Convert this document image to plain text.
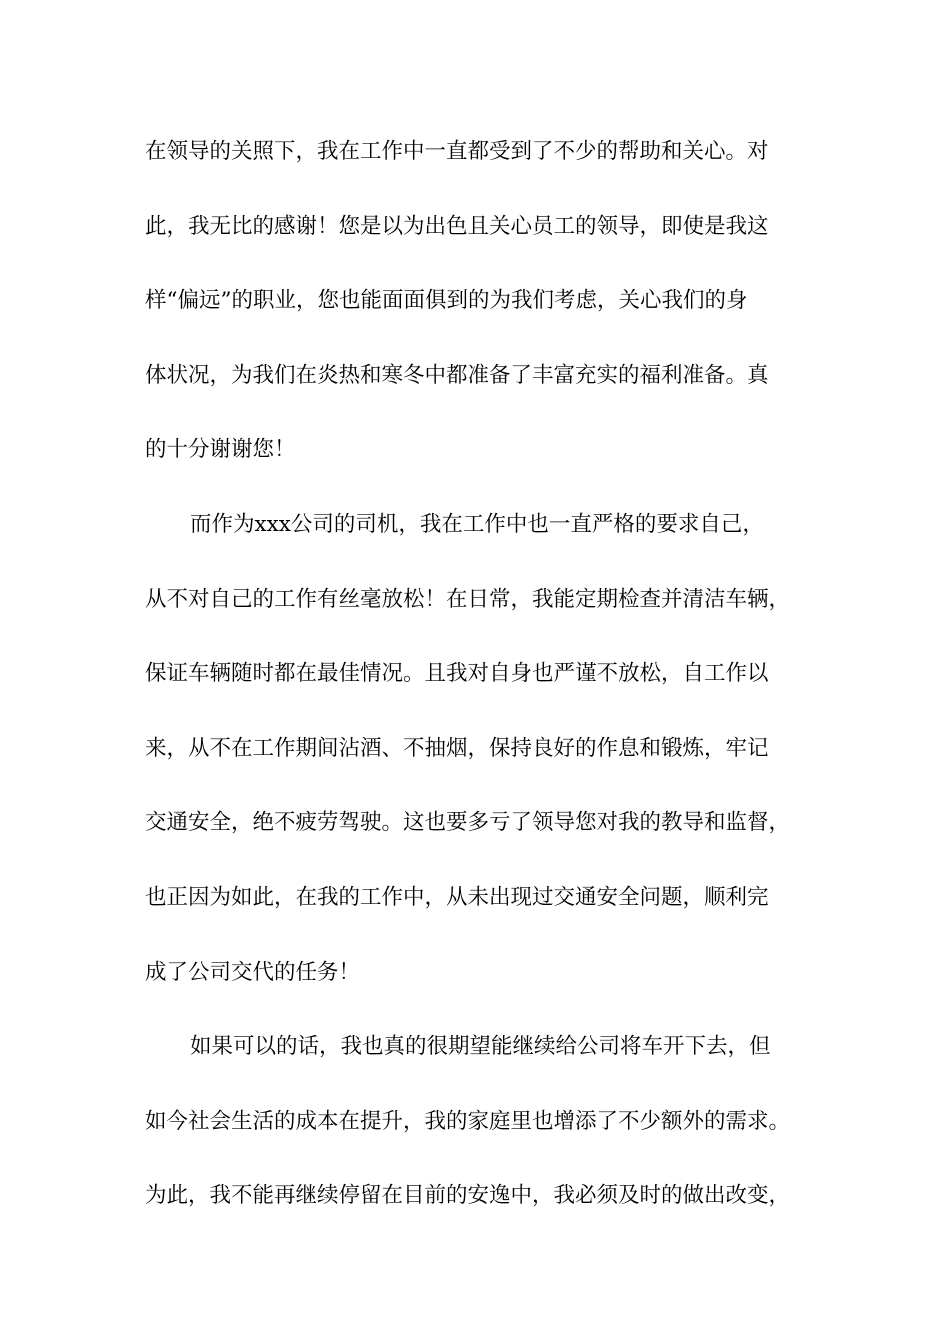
在领导的关照下，我在工作中一直都受到了不少的帮助和关心。对
此，我无比的感谢！您是以为出色且关心员工的领导，即使是我这
样“偏远”的职业，您也能面面俱到的为我们考虑，关心我们的身
体状况，为我们在炎热和寒冬中都准备了丰富充实的福利准备。真
的十分谢谢您！
而作为xxx公司的司机，我在工作中也一直严格的要求自己，
从不对自己的工作有丝毫放松！在日常，我能定期检查并清洁车辆，
保证车辆随时都在最佳情况。且我对自身也严谨不放松，自工作以
来，从不在工作期间沾酒、不抽烟，保持良好的作息和锻炼，牢记
交通安全，绝不疲劳驾驶。这也要多亏了领导您对我的教导和监督，
也正因为如此，在我的工作中，从未出现过交通安全问题，顺利完
成了公司交代的任务！
如果可以的话，我也真的很期望能继续给公司将车开下去，但
如今社会生活的成本在提升，我的家庭里也增添了不少额外的需求。
为此，我不能再继续停留在目前的安逸中，我必须及时的做出改变，
